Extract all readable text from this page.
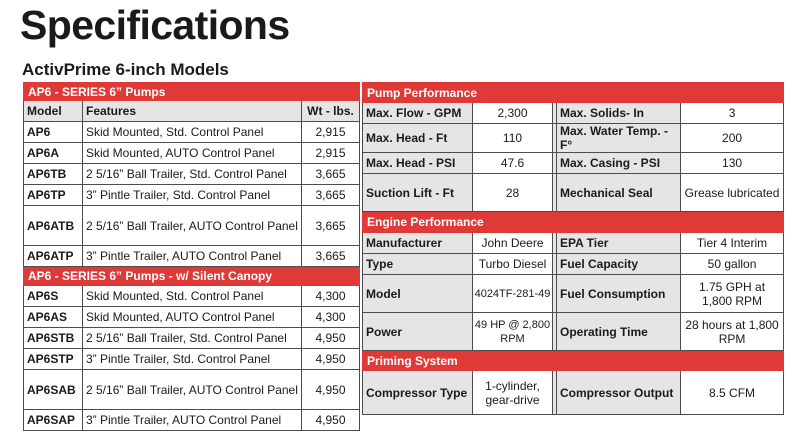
Specifications
ActivPrime 6-inch Models
AP6 - SERIES 6” Pumps		
Model	Features	Wt - lbs.
AP6	Skid Mounted, Std. Control Panel	2,915
AP6A	Skid Mounted, AUTO Control Panel	2,915
AP6TB	2 5/16” Ball Trailer, Std. Control Panel	3,665
AP6TP	3” Pintle Trailer, Std. Control Panel	3,665
AP6ATB	2 5/16” Ball Trailer, AUTO Control Panel	3,665
AP6ATP	3” Pintle Trailer, AUTO Control Panel	3,665
AP6 - SERIES 6” Pumps - w/ Silent Canopy		
AP6S	Skid Mounted, Std. Control Panel	4,300
AP6AS	Skid Mounted, AUTO Control Panel	4,300
AP6STB	2 5/16” Ball Trailer, Std. Control Panel	4,950
AP6STP	3” Pintle Trailer, Std. Control Panel	4,950
AP6SAB	2 5/16” Ball Trailer, AUTO Control Panel	4,950
AP6SAP	3” Pintle Trailer, AUTO Control Panel	4,950
Pump Performance				
Max. Flow - GPM	2,300		Max. Solids- In	3
Max. Head - Ft	110		Max. Water Temp. - F°	200
Max. Head - PSI	47.6		Max. Casing - PSI	130
Suction Lift - Ft	28		Mechanical Seal	Grease lubricated
Engine Performance				
Manufacturer	John Deere		EPA Tier	Tier 4 Interim
Type	Turbo Diesel		Fuel Capacity	50 gallon
Model	4024TF-281-49		Fuel Consumption	1.75 GPH at 1,800 RPM
Power	49 HP @ 2,800 RPM		Operating Time	28 hours at 1,800 RPM
Priming System				
Compressor Type	1-cylinder, gear-drive		Compressor Output	8.5 CFM
